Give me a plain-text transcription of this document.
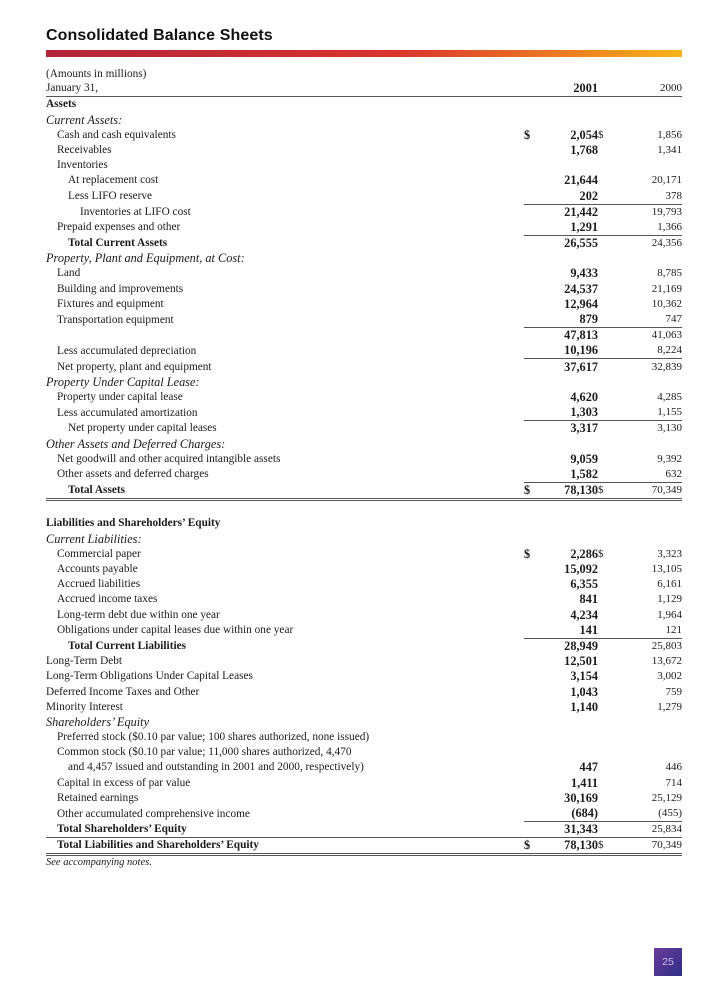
Consolidated Balance Sheets
(Amounts in millions)
January 31,		2001		2000
Assets				
Current Assets:				
Cash and cash equivalents	$	2,054	$	1,856
Receivables		1,768		1,341
Inventories				
At replacement cost		21,644		20,171
Less LIFO reserve		202		378
Inventories at LIFO cost		21,442		19,793
Prepaid expenses and other		1,291		1,366
Total Current Assets		26,555		24,356
Property, Plant and Equipment, at Cost:				
Land		9,433		8,785
Building and improvements		24,537		21,169
Fixtures and equipment		12,964		10,362
Transportation equipment		879		747
		47,813		41,063
Less accumulated depreciation		10,196		8,224
Net property, plant and equipment		37,617		32,839
Property Under Capital Lease:				
Property under capital lease		4,620		4,285
Less accumulated amortization		1,303		1,155
Net property under capital leases		3,317		3,130
Other Assets and Deferred Charges:				
Net goodwill and other acquired intangible assets		9,059		9,392
Other assets and deferred charges		1,582		632
Total Assets	$	78,130	$	70,349

Liabilities and Shareholders’ Equity				
Current Liabilities:				
Commercial paper	$	2,286	$	3,323
Accounts payable		15,092		13,105
Accrued liabilities		6,355		6,161
Accrued income taxes		841		1,129
Long-term debt due within one year		4,234		1,964
Obligations under capital leases due within one year		141		121
Total Current Liabilities		28,949		25,803
Long-Term Debt		12,501		13,672
Long-Term Obligations Under Capital Leases		3,154		3,002
Deferred Income Taxes and Other		1,043		759
Minority Interest		1,140		1,279
Shareholders’ Equity				
Preferred stock ($0.10 par value; 100 shares authorized, none issued)				
Common stock ($0.10 par value; 11,000 shares authorized, 4,470				
and 4,457 issued and outstanding in 2001 and 2000, respectively)		447		446
Capital in excess of par value		1,411		714
Retained earnings		30,169		25,129
Other accumulated comprehensive income		(684)		(455)
Total Shareholders’ Equity		31,343		25,834
Total Liabilities and Shareholders’ Equity	$	78,130	$	70,349
See accompanying notes.
25
